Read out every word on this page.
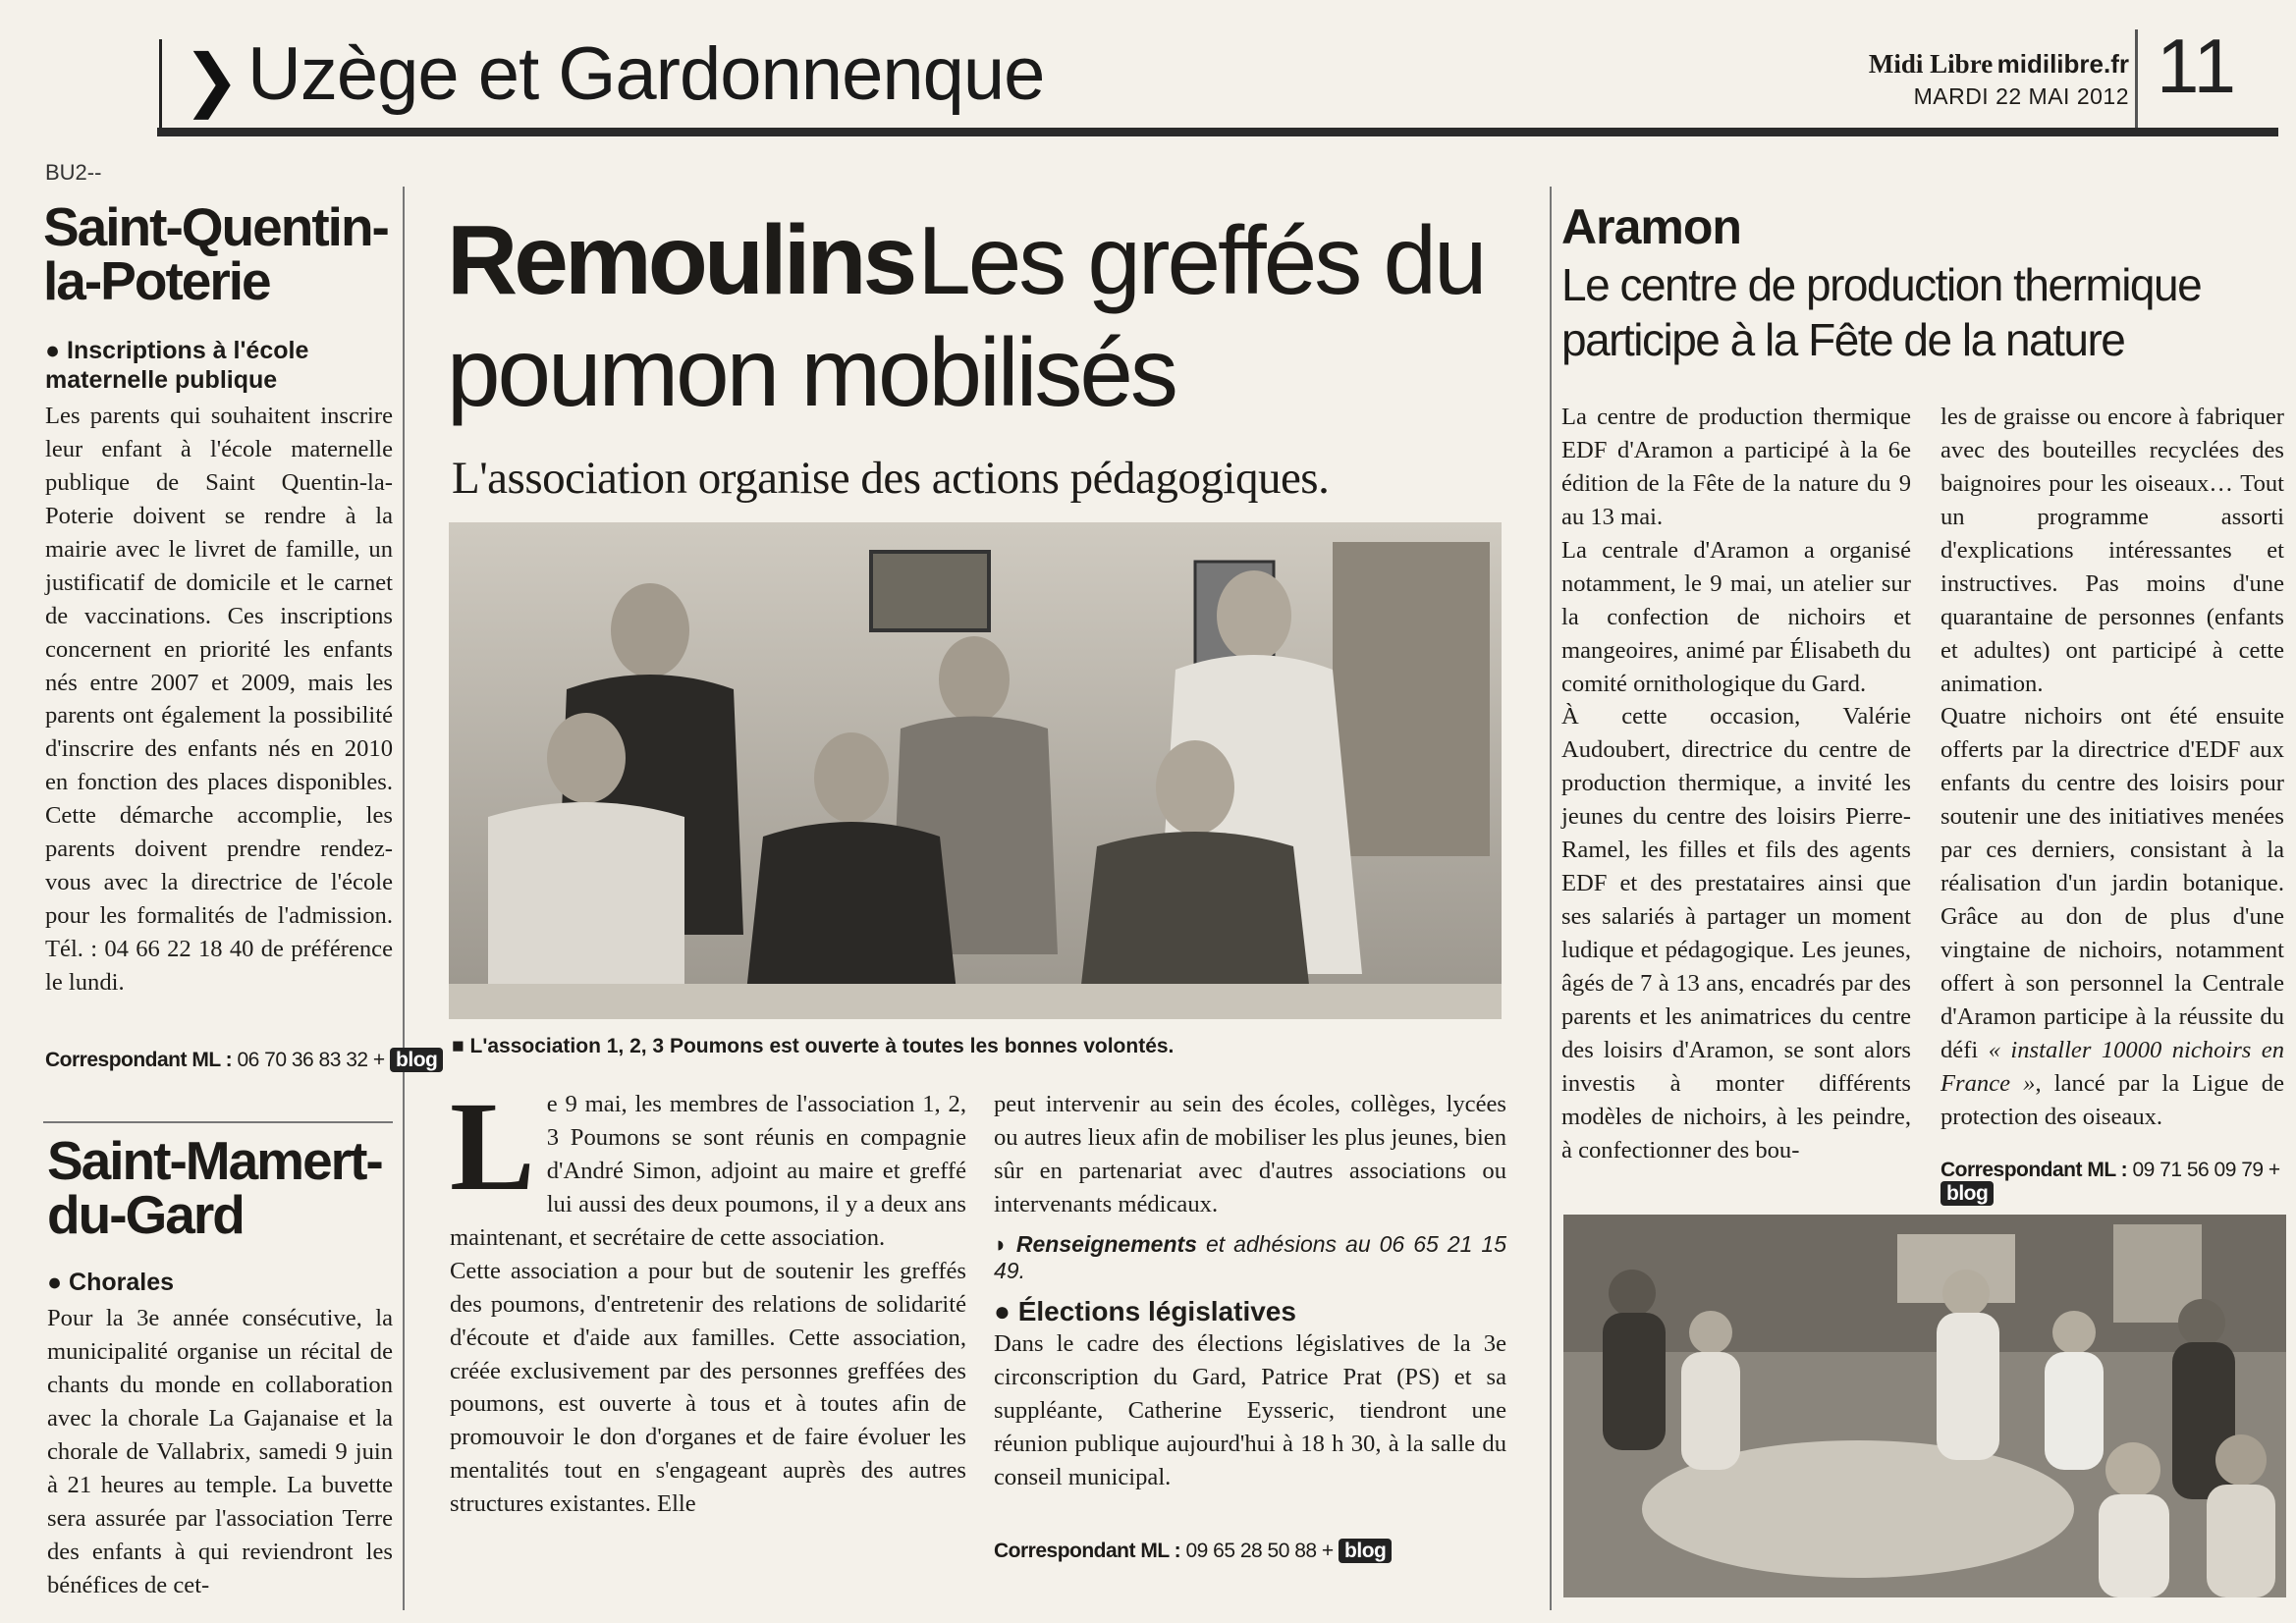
❯ Uzège et Gardonnenque	Midi Libre midilibre.fr
MARDI 22 MAI 2012 11
BU2--
Saint-Quentin-la-Poterie
● Inscriptions à l'école maternelle publique
Les parents qui souhaitent inscrire leur enfant à l'école maternelle publique de Saint Quentin-la-Poterie doivent se rendre à la mairie avec le livret de famille, un justificatif de domicile et le carnet de vaccinations. Ces inscriptions concernent en priorité les enfants nés entre 2007 et 2009, mais les parents ont également la possibilité d'inscrire des enfants nés en 2010 en fonction des places disponibles. Cette démarche accomplie, les parents doivent prendre rendez-vous avec la directrice de l'école pour les formalités de l'admission. Tél. : 04 66 22 18 40 de préférence le lundi.
Correspondant ML : 06 70 36 83 32 + blog
Saint-Mamert-du-Gard
● Chorales
Pour la 3e année consécutive, la municipalité organise un récital de chants du monde en collaboration avec la chorale La Gajanaise et la chorale de Vallabrix, samedi 9 juin à 21 heures au temple. La buvette sera assurée par l'association Terre des enfants à qui reviendront les bénéfices de cet-
Remoulins Les greffés du poumon mobilisés
L'association organise des actions pédagogiques.
■ L'association 1, 2, 3 Poumons est ouverte à toutes les bonnes volontés.
Le 9 mai, les membres de l'association 1, 2, 3 Poumons se sont réunis en compagnie d'André Simon, adjoint au maire et greffé lui aussi des deux poumons, il y a deux ans maintenant, et secrétaire de cette association.
Cette association a pour but de soutenir les greffés des poumons, d'entretenir des relations de solidarité d'écoute et d'aide aux familles. Cette association, créée exclusivement par des personnes greffées des poumons, est ouverte à tous et à toutes afin de promouvoir le don d'organes et de faire évoluer les mentalités tout en s'engageant auprès des autres structures existantes. Elle
peut intervenir au sein des écoles, collèges, lycées ou autres lieux afin de mobiliser les plus jeunes, bien sûr en partenariat avec d'autres associations ou intervenants médicaux.
◗ Renseignements et adhésions au 06 65 21 15 49.
● Élections législatives
Dans le cadre des élections législatives de la 3e circonscription du Gard, Patrice Prat (PS) et sa suppléante, Catherine Eysseric, tiendront une réunion publique aujourd'hui à 18 h 30, à la salle du conseil municipal.
Correspondant ML : 09 65 28 50 88 + blog
Aramon
Le centre de production thermique participe à la Fête de la nature
La centre de production thermique EDF d'Aramon a participé à la 6e édition de la Fête de la nature du 9 au 13 mai.
La centrale d'Aramon a organisé notamment, le 9 mai, un atelier sur la confection de nichoirs et mangeoires, animé par Élisabeth du comité ornithologique du Gard.
À cette occasion, Valérie Audoubert, directrice du centre de production thermique, a invité les jeunes du centre des loisirs Pierre-Ramel, les filles et fils des agents EDF et des prestataires ainsi que ses salariés à partager un moment ludique et pédagogique. Les jeunes, âgés de 7 à 13 ans, encadrés par des parents et les animatrices du centre des loisirs d'Aramon, se sont alors investis à monter différents modèles de nichoirs, à les peindre, à confectionner des bou-
les de graisse ou encore à fabriquer avec des bouteilles recyclées des baignoires pour les oiseaux… Tout un programme assorti d'explications intéressantes et instructives. Pas moins d'une quarantaine de personnes (enfants et adultes) ont participé à cette animation.
Quatre nichoirs ont été ensuite offerts par la directrice d'EDF aux enfants du centre des loisirs pour soutenir une des initiatives menées par ces derniers, consistant à la réalisation d'un jardin botanique. Grâce au don de plus d'une vingtaine de nichoirs, notamment offert à son personnel la Centrale d'Aramon participe à la réussite du défi « installer 10000 nichoirs en France », lancé par la Ligue de protection des oiseaux.
Correspondant ML : 09 71 56 09 79 + blog
